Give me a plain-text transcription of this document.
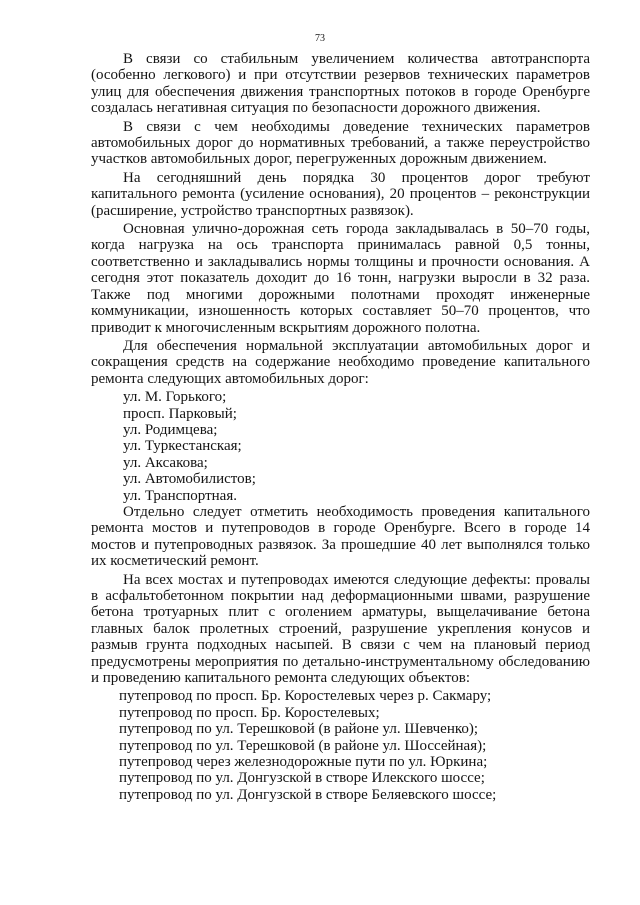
73

В связи со стабильным увеличением количества автотранспорта (особенно легкового) и при отсутствии резервов технических параметров улиц для обеспечения движения транспортных потоков в городе Оренбурге создалась негативная ситуация по безопасности дорожного движения.

В связи с чем необходимы доведение технических параметров автомобильных дорог до нормативных требований, а также переустройство участков автомобильных дорог, перегруженных дорожным движением.

На сегодняшний день порядка 30 процентов дорог требуют капитального ремонта (усиление основания), 20 процентов – реконструкции (расширение, устройство транспортных развязок).

Основная улично-дорожная сеть города закладывалась в 50–70 годы, когда нагрузка на ось транспорта принималась равной 0,5 тонны, соответственно и закладывались нормы толщины и прочности основания. А сегодня этот показатель доходит до 16 тонн, нагрузки выросли в 32 раза. Также под многими дорожными полотнами проходят инженерные коммуникации, изношенность которых составляет 50–70 процентов, что приводит к многочисленным вскрытиям дорожного полотна.

Для обеспечения нормальной эксплуатации автомобильных дорог и сокращения средств на содержание необходимо проведение капитального ремонта следующих автомобильных дорог:

ул. М. Горького;
просп. Парковый;
ул. Родимцева;
ул. Туркестанская;
ул. Аксакова;
ул. Автомобилистов;
ул. Транспортная.

Отдельно следует отметить необходимость проведения капитального ремонта мостов и путепроводов в городе Оренбурге. Всего в городе 14 мостов и путепроводных развязок. За прошедшие 40 лет выполнялся только их косметический ремонт.

На всех мостах и путепроводах имеются следующие дефекты: провалы в асфальтобетонном покрытии над деформационными швами, разрушение бетона тротуарных плит с оголением арматуры, выщелачивание бетона главных балок пролетных строений, разрушение укрепления конусов и размыв грунта подходных насыпей. В связи с чем на плановый период предусмотрены мероприятия по детально-инструментальному обследованию и проведению капитального ремонта следующих объектов:

путепровод по просп. Бр. Коростелевых через р. Сакмару;
путепровод по просп. Бр. Коростелевых;
путепровод по ул. Терешковой (в районе ул. Шевченко);
путепровод по ул. Терешковой (в районе ул. Шоссейная);
путепровод через железнодорожные пути по ул. Юркина;
путепровод по ул. Донгузской в створе Илекского шоссе;
путепровод по ул. Донгузской в створе Беляевского шоссе;
